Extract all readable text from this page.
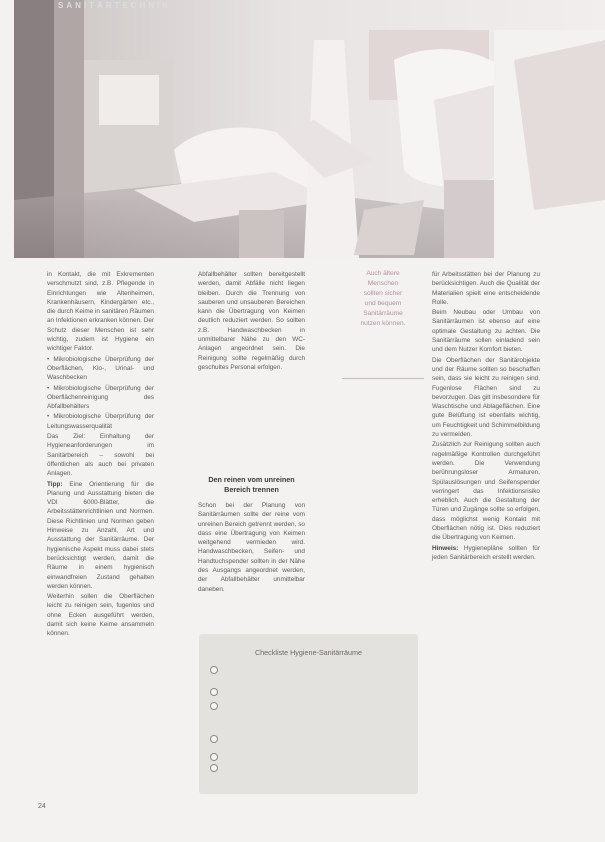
SANITÄRTECHNIK

in Kontakt, die mit Exkrementen verschmutzt sind, z.B. Pflegende in Einrichtungen wie Altenheimen, Krankenhäusern, Kindergärten etc., die durch Keime in sanitären Räumen an Infektionen erkranken können. Der Schutz dieser Menschen ist sehr wichtig, zudem ist Hygiene ein wichtiger Faktor.

• Mikrobiologische Überprüfung der Oberflächen, Klo-, Urinal- und Waschbecken

• Mikrobiologische Überprüfung der Oberflächenreinigung des Abfallbehälters

• Mikrobiologische Überprüfung der Leitungswasserqualität

Das Ziel: Einhaltung der Hygieneanforderungen im Sanitärbereich – sowohl bei öffentlichen als auch bei privaten Anlagen.

Tipp: Eine Orientierung für die Planung und Ausstattung bieten die VDI 6000-Blätter, die Arbeitsstättenrichtlinien und Normen. Diese Richtlinien und Normen geben Hinweise zu Anzahl, Art und Ausstattung der Sanitärräume. Der hygienische Aspekt muss dabei stets berücksichtigt werden, damit die Räume in einem hygienisch einwandfreien Zustand gehalten werden können.

Weiterhin sollen die Oberflächen leicht zu reinigen sein, fugenlos und ohne Ecken ausgeführt werden, damit sich keine Keime ansammeln können.

Abfallbehälter sollten bereitgestellt werden, damit Abfälle nicht liegen bleiben. Durch die Trennung von sauberen und unsauberen Bereichen kann die Übertragung von Keimen deutlich reduziert werden. So sollten z.B. Handwaschbecken in unmittelbarer Nähe zu den WC-Anlagen angeordnet sein. Die Reinigung sollte regelmäßig durch geschultes Personal erfolgen.

Den reinen vom unreinen Bereich trennen

Schon bei der Planung von Sanitärräumen sollte der reine vom unreinen Bereich getrennt werden, so dass eine Übertragung von Keimen weitgehend vermieden wird. Handwaschbecken, Seifen- und Handtuchspender sollten in der Nähe des Ausgangs angeordnet werden, der Abfallbehälter unmittelbar daneben.

Auch ältere
Menschen
sollten sicher
und bequem
Sanitärräume
nutzen können.
Checkliste Hygiene-Sanitärräume

für Arbeitsstätten bei der Planung zu berücksichtigen. Auch die Qualität der Materialien spielt eine entscheidende Rolle.

Beim Neubau oder Umbau von Sanitärräumen ist ebenso auf eine optimale Gestaltung zu achten. Die Sanitärräume sollen einladend sein und dem Nutzer Komfort bieten.

Die Oberflächen der Sanitärobjekte und der Räume sollten so beschaffen sein, dass sie leicht zu reinigen sind. Fugenlose Flächen sind zu bevorzugen. Das gilt insbesondere für Waschtische und Ablageflächen. Eine gute Belüftung ist ebenfalls wichtig, um Feuchtigkeit und Schimmelbildung zu vermeiden.

Zusätzlich zur Reinigung sollten auch regelmäßige Kontrollen durchgeführt werden. Die Verwendung berührungsloser Armaturen, Spülauslösungen und Seifenspender verringert das Infektionsrisiko erheblich. Auch die Gestaltung der Türen und Zugänge sollte so erfolgen, dass möglichst wenig Kontakt mit Oberflächen nötig ist. Dies reduziert die Übertragung von Keimen.

Hinweis: Hygienepläne sollten für jeden Sanitärbereich erstellt werden.

24
